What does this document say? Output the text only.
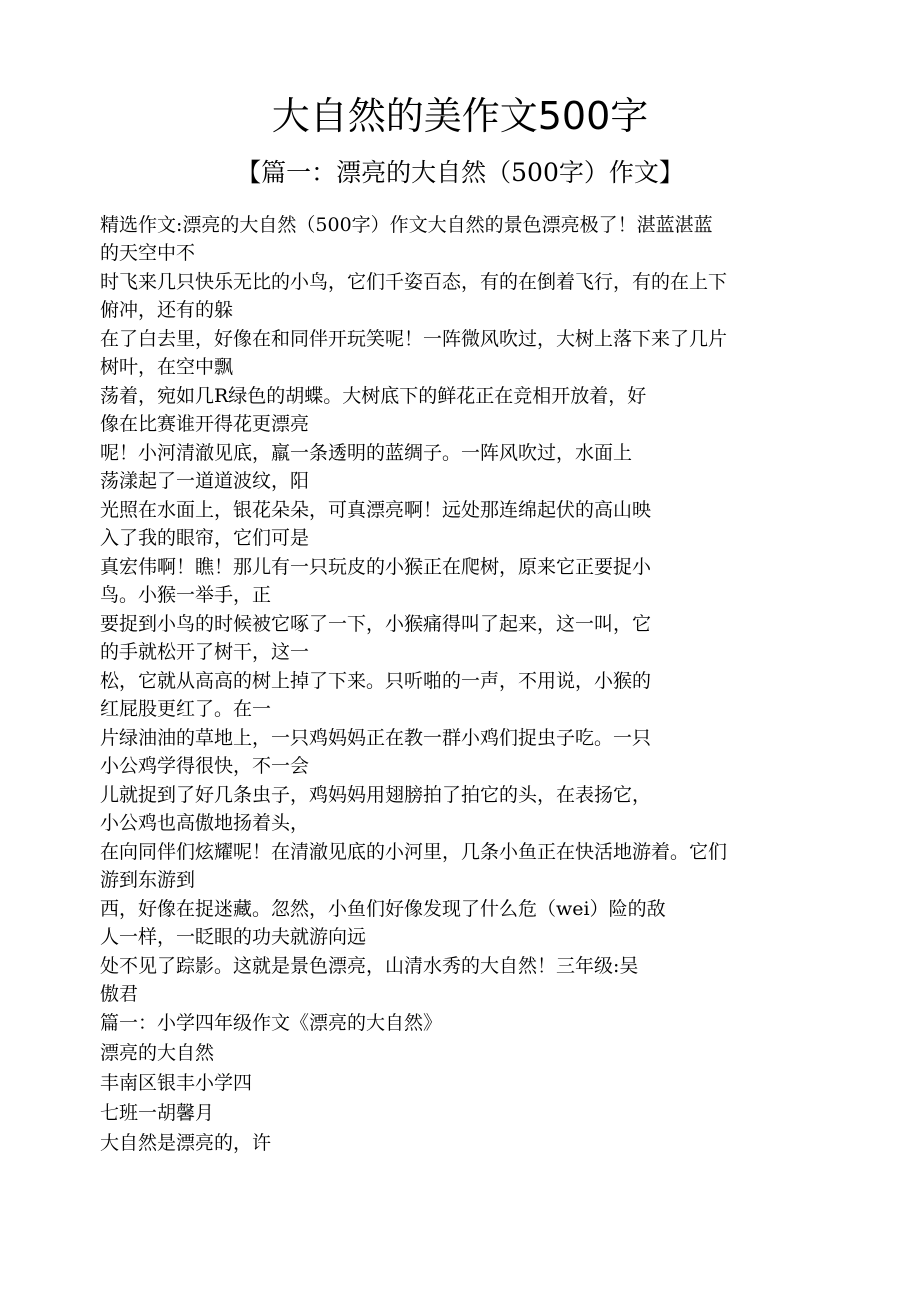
大自然的美作文500字
【篇一：漂亮的大自然（500字）作文】
精选作文:漂亮的大自然（500字）作文大自然的景色漂亮极了！湛蓝湛蓝
的天空中不
时飞来几只快乐无比的小鸟，它们千姿百态，有的在倒着飞行，有的在上下
俯冲，还有的躲
在了白去里，好像在和同伴开玩笑呢！一阵微风吹过，大树上落下来了几片
树叶，在空中飘
荡着，宛如几R绿色的胡蝶。大树底下的鲜花正在竞相开放着，好
像在比赛谁开得花更漂亮
呢！小河清澈见底，羸一条透明的蓝绸子。一阵风吹过，水面上
荡漾起了一道道波纹，阳
光照在水面上，银花朵朵，可真漂亮啊！远处那连绵起伏的高山映
入了我的眼帘，它们可是
真宏伟啊！瞧！那儿有一只玩皮的小猴正在爬树，原来它正要捉小
鸟。小猴一举手，正
要捉到小鸟的时候被它啄了一下，小猴痛得叫了起来，这一叫，它
的手就松开了树干，这一
松，它就从高高的树上掉了下来。只听啪的一声，不用说，小猴的
红屁股更红了。在一
片绿油油的草地上，一只鸡妈妈正在教一群小鸡们捉虫子吃。一只
小公鸡学得很快，不一会
儿就捉到了好几条虫子，鸡妈妈用翅膀拍了拍它的头，在表扬它，
小公鸡也高傲地扬着头，
在向同伴们炫耀呢！在清澈见底的小河里，几条小鱼正在快活地游着。它们
游到东游到
西，好像在捉迷藏。忽然，小鱼们好像发现了什么危（wei）险的敌
人一样，一眨眼的功夫就游向远
处不见了踪影。这就是景色漂亮，山清水秀的大自然！三年级:吴
傲君
篇一：小学四年级作文《漂亮的大自然》
漂亮的大自然
丰南区银丰小学四
七班一胡馨月
大自然是漂亮的，许
